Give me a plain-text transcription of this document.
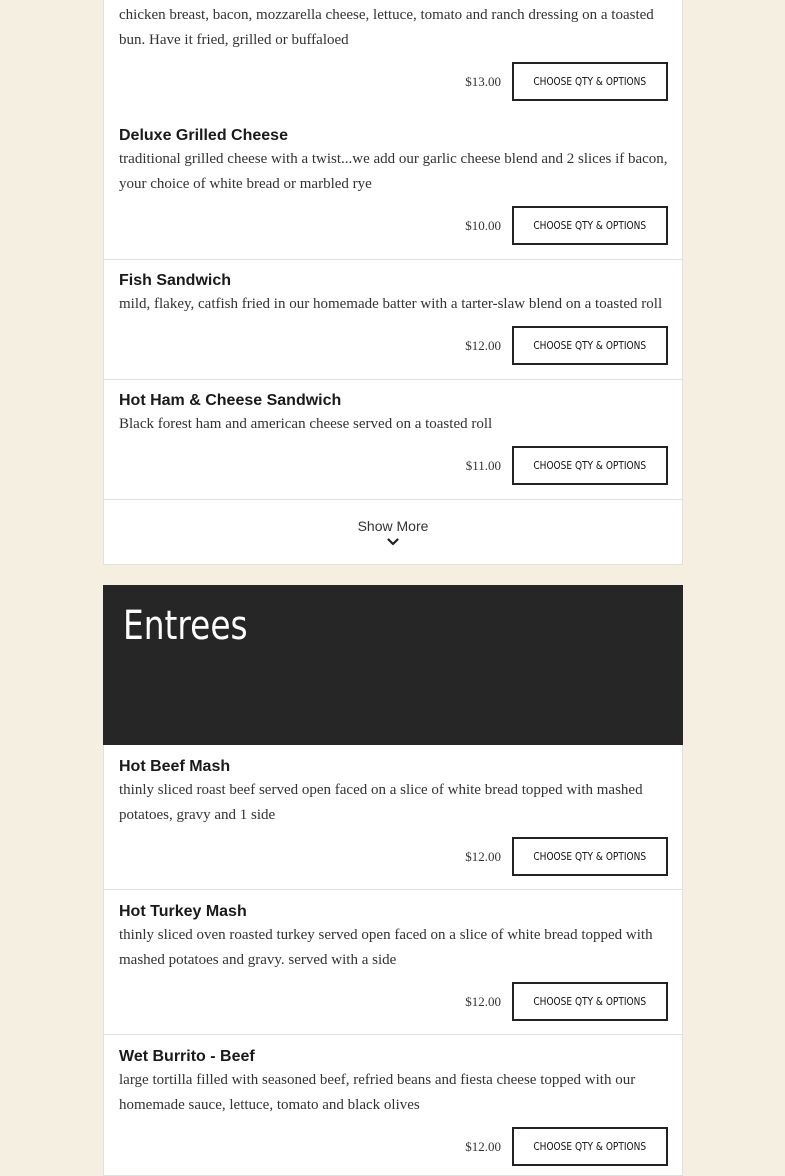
chicken breast, bacon, mozzarella cheese, lettuce, tomato and ranch dressing on a toasted bun. Have it fried, grilled or buffaloed
$13.00	CHOOSE QTY & OPTIONS
Deluxe Grilled Cheese
traditional grilled cheese with a twist...we add our garlic cheese blend and 2 slices if bacon, your choice of white bread or marbled rye
$10.00	CHOOSE QTY & OPTIONS
Fish Sandwich
mild, flakey, catfish fried in our homemade batter with a tarter-slaw blend on a toasted roll
$12.00	CHOOSE QTY & OPTIONS
Hot Ham & Cheese Sandwich
Black forest ham and american cheese served on a toasted roll
$11.00	CHOOSE QTY & OPTIONS
Show More
Entrees
Hot Beef Mash
thinly sliced roast beef served open faced on a slice of white bread topped with mashed potatoes, gravy and 1 side
$12.00	CHOOSE QTY & OPTIONS
Hot Turkey Mash
thinly sliced oven roasted turkey served open faced on a slice of white bread topped with mashed potatoes and gravy. served with a side
$12.00	CHOOSE QTY & OPTIONS
Wet Burrito - Beef
large tortilla filled with seasoned beef, refried beans and fiesta cheese topped with our homemade sauce, lettuce, tomato and black olives
$12.00	CHOOSE QTY & OPTIONS
